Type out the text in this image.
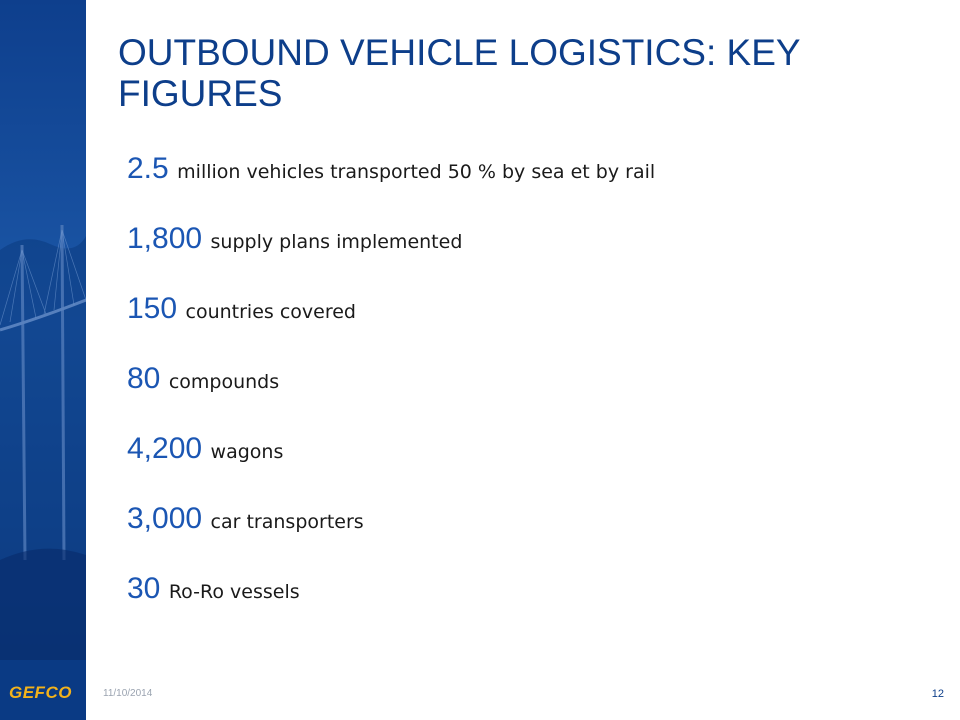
GEFCO
OUTBOUND VEHICLE LOGISTICS: KEY FIGURES
2.5 million vehicles transported 50 % by sea et by rail
1,800 supply plans implemented
150 countries covered
80 compounds
4,200 wagons
3,000 car transporters
30 Ro-Ro vessels
11/10/2014	12
